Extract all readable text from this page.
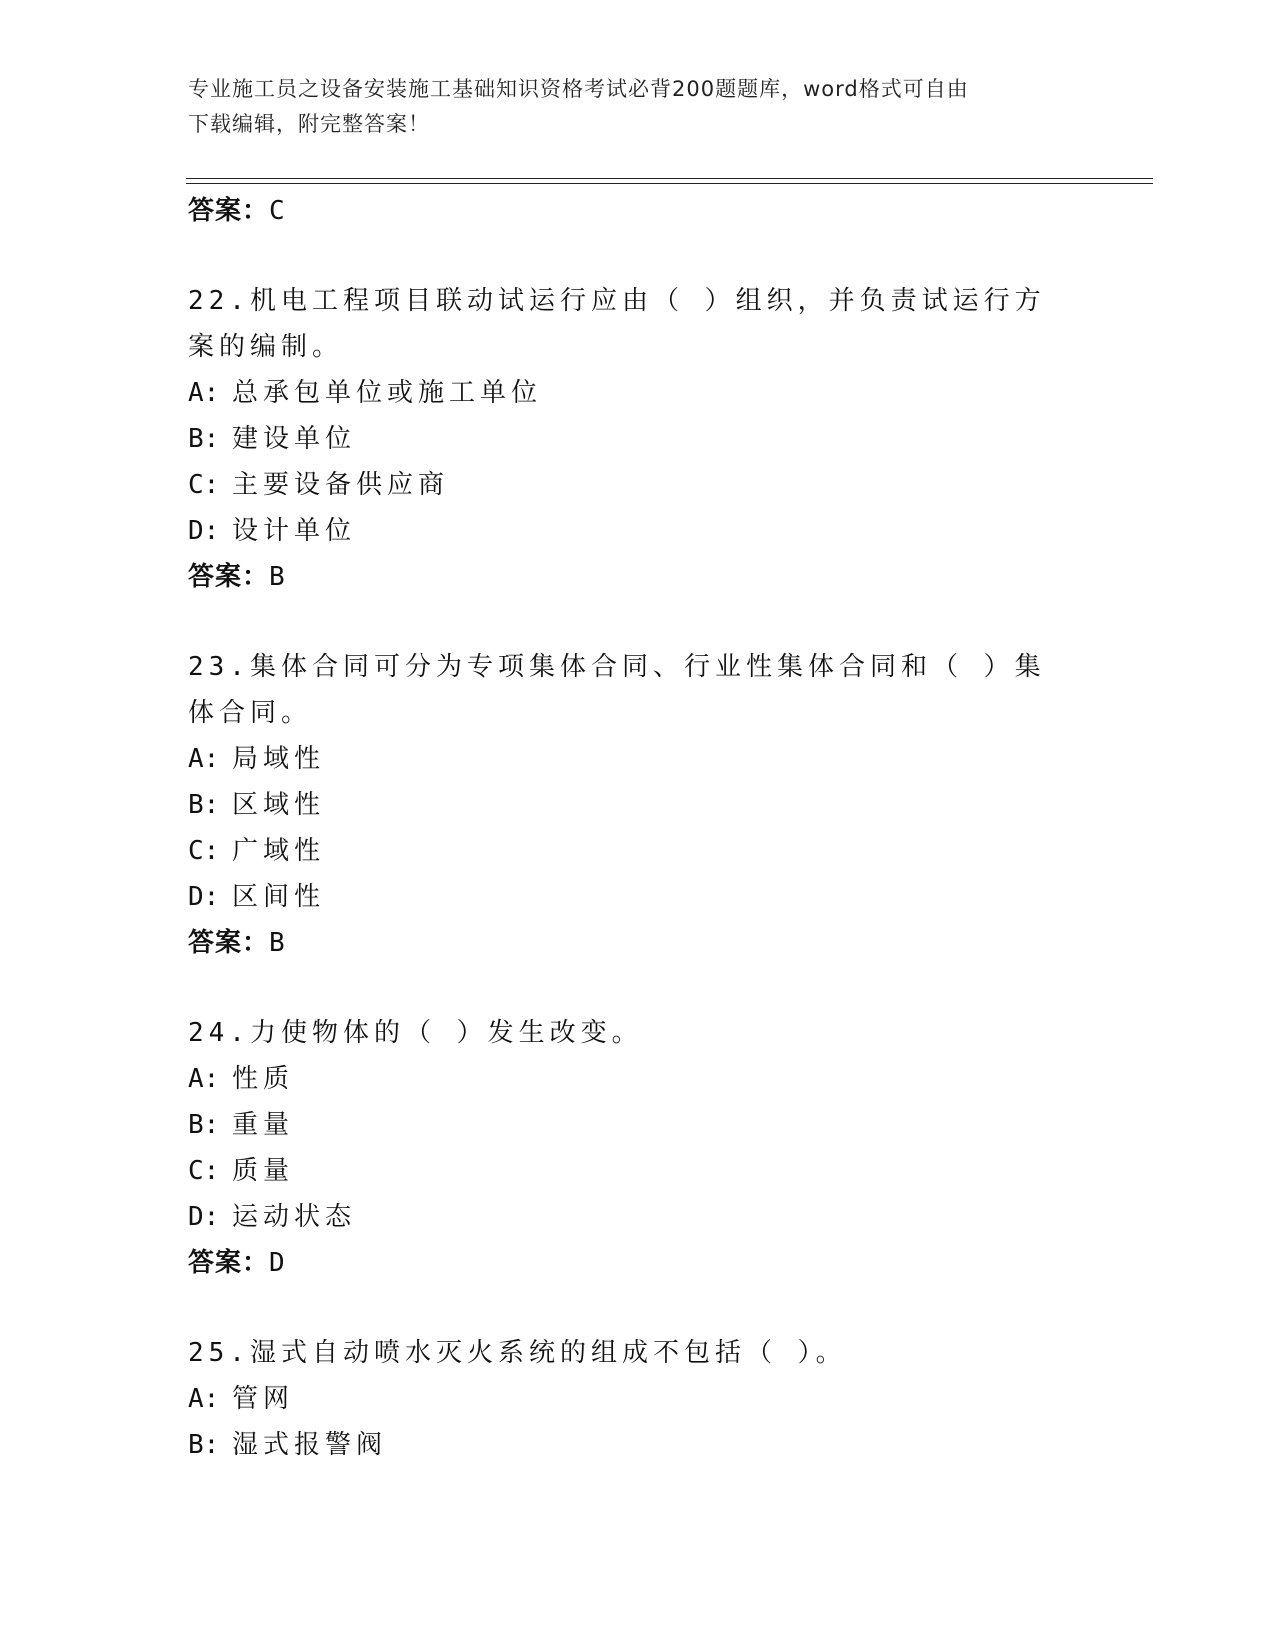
专业施工员之设备安装施工基础知识资格考试必背200题题库，word格式可自由
下载编辑，附完整答案！
答案：C
22.机电工程项目联动试运行应由（ ）组织，并负责试运行方案的编制。
A: 总承包单位或施工单位
B: 建设单位
C: 主要设备供应商
D: 设计单位
答案：B
23.集体合同可分为专项集体合同、行业性集体合同和（ ）集体合同。
A: 局域性
B: 区域性
C: 广域性
D: 区间性
答案：B
24.力使物体的（ ）发生改变。
A: 性质
B: 重量
C: 质量
D: 运动状态
答案：D
25.湿式自动喷水灭火系统的组成不包括（ ）。
A: 管网
B: 湿式报警阀
